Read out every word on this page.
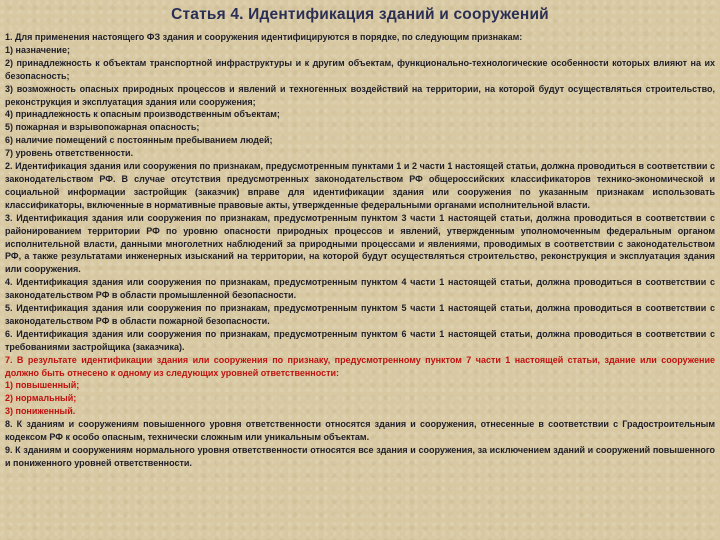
Статья 4. Идентификация зданий и сооружений

1. Для применения настоящего ФЗ здания и сооружения идентифицируются в порядке, по следующим признакам:

1) назначение;

2) принадлежность к объектам транспортной инфраструктуры и к другим объектам, функционально-технологические особенности которых влияют на их безопасность;

3) возможность опасных природных процессов и явлений и техногенных воздействий на территории, на которой будут осуществляться строительство, реконструкция и эксплуатация здания или сооружения;

4) принадлежность к опасным производственным объектам;

5) пожарная и взрывопожарная опасность;

6) наличие помещений с постоянным пребыванием людей;

7) уровень ответственности.

2. Идентификация здания или сооружения по признакам, предусмотренным пунктами 1 и 2 части 1 настоящей статьи, должна проводиться в соответствии с законодательством РФ. В случае отсутствия предусмотренных законодательством РФ общероссийских классификаторов технико-экономической и социальной информации застройщик (заказчик) вправе для идентификации здания или сооружения по указанным признакам использовать классификаторы, включенные в нормативные правовые акты, утвержденные федеральными органами исполнительной власти.

3. Идентификация здания или сооружения по признакам, предусмотренным пунктом 3 части 1 настоящей статьи, должна проводиться в соответствии с районированием территории РФ по уровню опасности природных процессов и явлений, утвержденным уполномоченным федеральным органом исполнительной власти, данными многолетних наблюдений за природными процессами и явлениями, проводимых в соответствии с законодательством РФ, а также результатами инженерных изысканий на территории, на которой будут осуществляться строительство, реконструкция и эксплуатация здания или сооружения.

4. Идентификация здания или сооружения по признакам, предусмотренным пунктом 4 части 1 настоящей статьи, должна проводиться в соответствии с законодательством РФ в области промышленной безопасности.

5. Идентификация здания или сооружения по признакам, предусмотренным пунктом 5 части 1 настоящей статьи, должна проводиться в соответствии с законодательством РФ в области пожарной безопасности.

6. Идентификация здания или сооружения по признакам, предусмотренным пунктом 6 части 1 настоящей статьи, должна проводиться в соответствии с требованиями застройщика (заказчика).

7. В результате идентификации здания или сооружения по признаку, предусмотренному пунктом 7 части 1 настоящей статьи, здание или сооружение должно быть отнесено к одному из следующих уровней ответственности:

1) повышенный;

2) нормальный;

3) пониженный.

8. К зданиям и сооружениям повышенного уровня ответственности относятся здания и сооружения, отнесенные в соответствии с Градостроительным кодексом РФ к особо опасным, технически сложным или уникальным объектам.

9. К зданиям и сооружениям нормального уровня ответственности относятся все здания и сооружения, за исключением зданий и сооружений повышенного и пониженного уровней ответственности.
